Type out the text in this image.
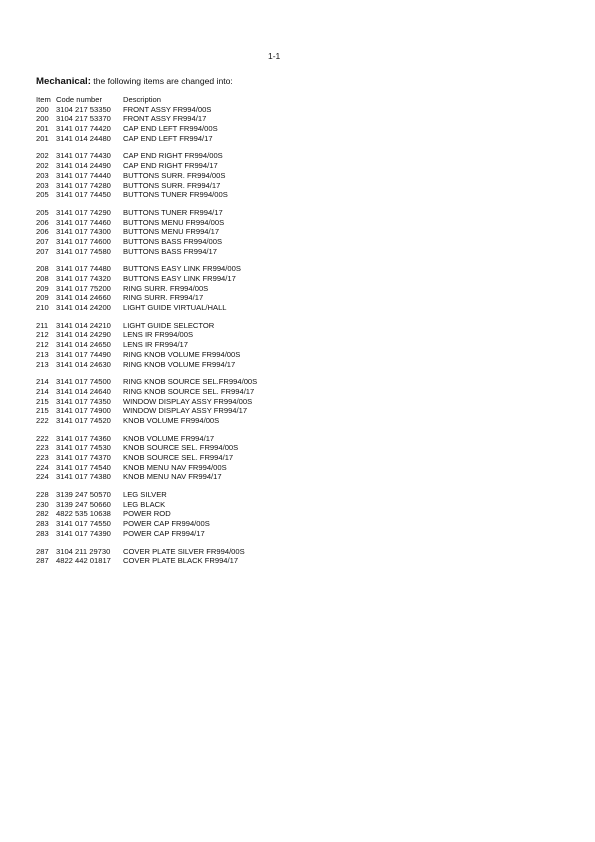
1-1
Mechanical: the following items are changed into:
Item Code number	Description
200 3104 217 53350	FRONT ASSY FR994/00S
200 3104 217 53370	FRONT ASSY FR994/17
201 3141 017 74420	CAP END LEFT FR994/00S
201 3141 014 24480	CAP END LEFT FR994/17
202 3141 017 74430	CAP END RIGHT FR994/00S
202 3141 014 24490	CAP END RIGHT FR994/17
203 3141 017 74440	BUTTONS SURR. FR994/00S
203 3141 017 74280	BUTTONS SURR. FR994/17
205 3141 017 74450	BUTTONS TUNER FR994/00S
205 3141 017 74290	BUTTONS TUNER FR994/17
206 3141 017 74460	BUTTONS MENU FR994/00S
206 3141 017 74300	BUTTONS MENU FR994/17
207 3141 017 74600	BUTTONS BASS FR994/00S
207 3141 017 74580	BUTTONS BASS FR994/17
208 3141 017 74480	BUTTONS EASY LINK FR994/00S
208 3141 017 74320	BUTTONS EASY LINK FR994/17
209 3141 017 75200	RING SURR. FR994/00S
209 3141 014 24660	RING SURR. FR994/17
210 3141 014 24200	LIGHT GUIDE VIRTUAL/HALL
211	3141 014 24210	LIGHT GUIDE SELECTOR
212 3141 014 24290	LENS IR FR994/00S
212 3141 014 24650	LENS IR FR994/17
213 3141 017 74490	RING KNOB VOLUME FR994/00S
213 3141 014 24630	RING KNOB VOLUME FR994/17
214 3141 017 74500	RING KNOB SOURCE SEL.FR994/00S
214 3141 014 24640	RING KNOB SOURCE SEL. FR994/17
215 3141 017 74350	WINDOW DISPLAY ASSY FR994/00S
215 3141 017 74900	WINDOW DISPLAY ASSY FR994/17
222 3141 017 74520	KNOB VOLUME FR994/00S
222 3141 017 74360	KNOB VOLUME FR994/17
223 3141 017 74530	KNOB SOURCE SEL. FR994/00S
223 3141 017 74370	KNOB SOURCE SEL. FR994/17
224 3141 017 74540	KNOB MENU NAV FR994/00S
224 3141 017 74380	KNOB MENU NAV FR994/17
228 3139 247 50570	LEG SILVER
230 3139 247 50660	LEG BLACK
282 4822 535 10638	POWER ROD
283 3141 017 74550	POWER CAP FR994/00S
283 3141 017 74390	POWER CAP FR994/17
287 3104 211 29730	COVER PLATE SILVER FR994/00S
287 4822 442 01817	COVER PLATE BLACK FR994/17
